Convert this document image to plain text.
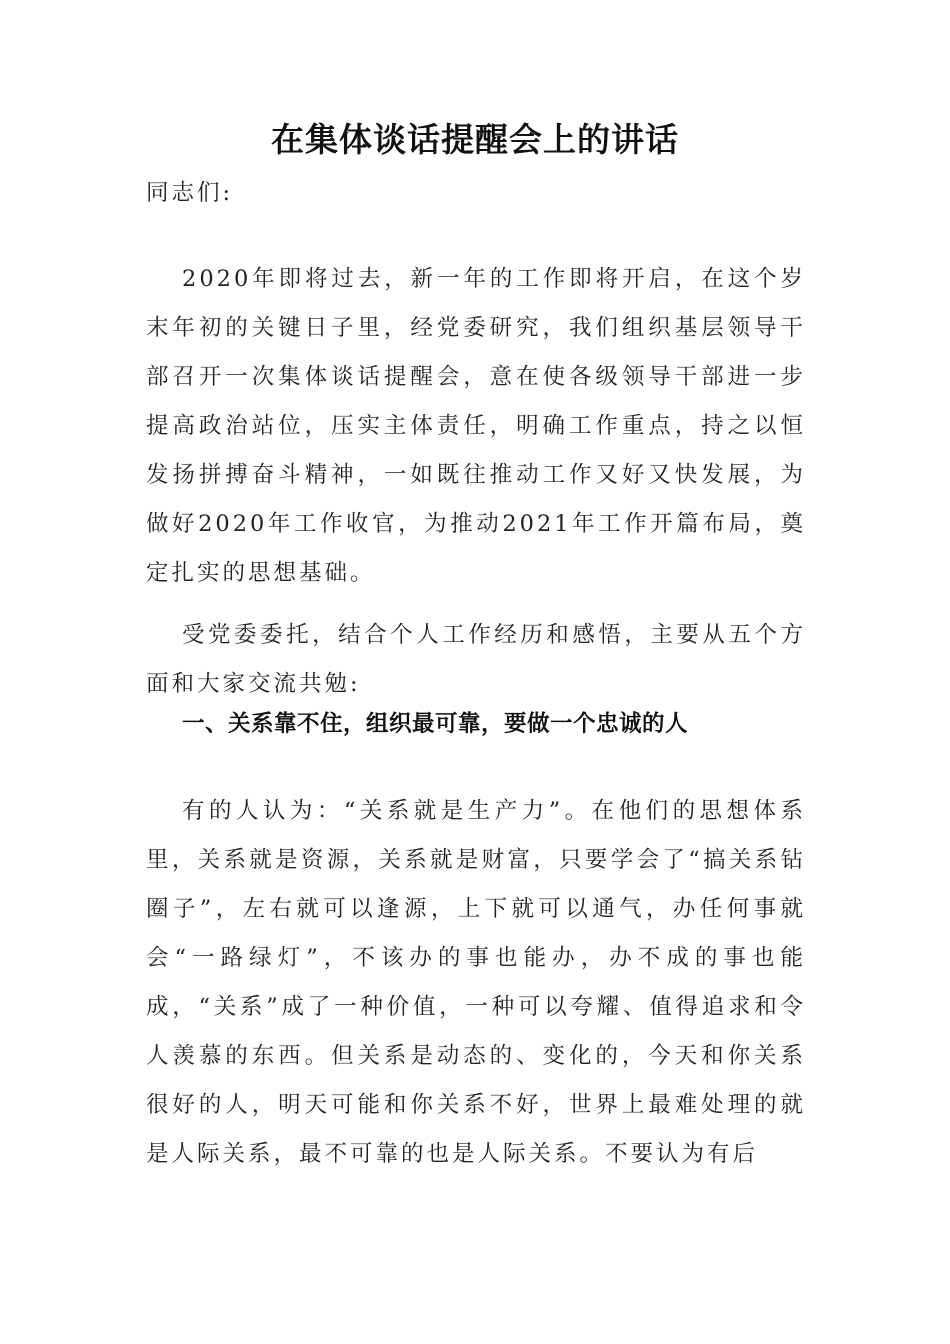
在集体谈话提醒会上的讲话

同志们:

2020年即将过去，新一年的工作即将开启，在这个岁末年初的关键日子里，经党委研究，我们组织基层领导干部召开一次集体谈话提醒会，意在使各级领导干部进一步提高政治站位，压实主体责任，明确工作重点，持之以恒发扬拼搏奋斗精神，一如既往推动工作又好又快发展，为做好2020年工作收官，为推动2021年工作开篇布局，奠定扎实的思想基础。

受党委委托，结合个人工作经历和感悟，主要从五个方面和大家交流共勉:

一、关系靠不住，组织最可靠，要做一个忠诚的人

有的人认为：“关系就是生产力”。在他们的思想体系里，关系就是资源，关系就是财富，只要学会了“搞关系钻圈子”，左右就可以逢源，上下就可以通气，办任何事就会“一路绿灯”，不该办的事也能办，办不成的事也能成，“关系”成了一种价值，一种可以夸耀、值得追求和令人羡慕的东西。但关系是动态的、变化的，今天和你关系很好的人，明天可能和你关系不好，世界上最难处理的就是人际关系，最不可靠的也是人际关系。不要认为有后
